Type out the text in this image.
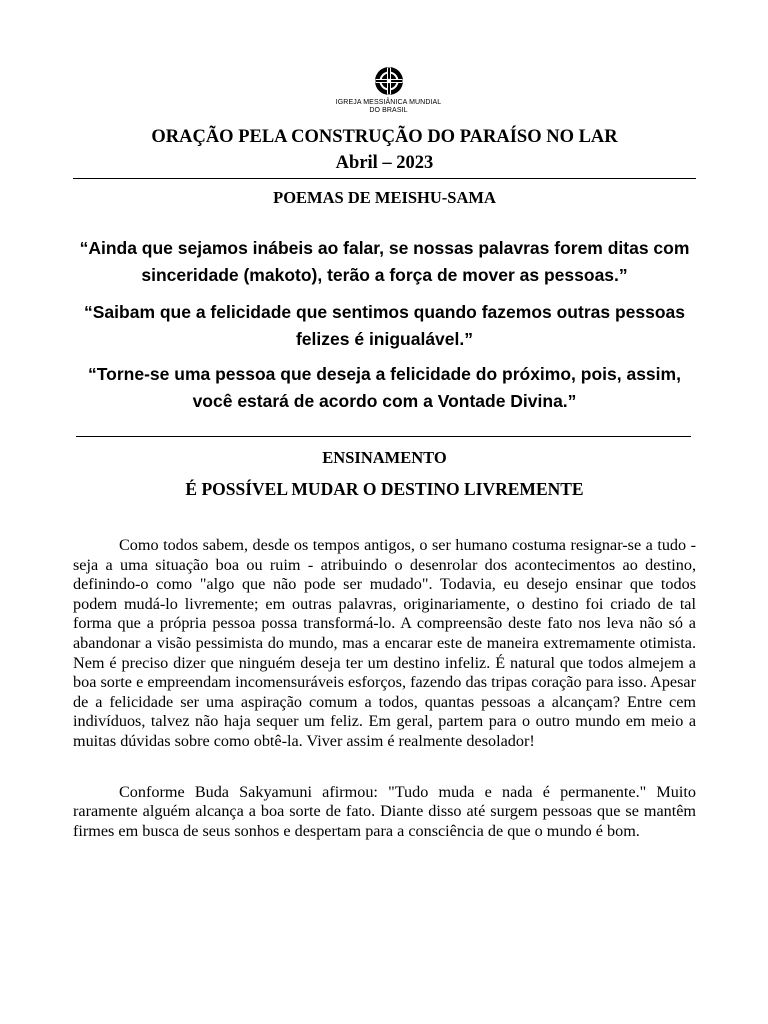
IGREJA MESSIÂNICA MUNDIAL
DO BRASIL
ORAÇÃO PELA CONSTRUÇÃO DO PARAÍSO NO LAR
Abril – 2023
POEMAS DE MEISHU-SAMA
“Ainda que sejamos inábeis ao falar, se nossas palavras forem ditas com sinceridade (makoto), terão a força de mover as pessoas.”
“Saibam que a felicidade que sentimos quando fazemos outras pessoas felizes é inigualável.”
“Torne-se uma pessoa que deseja a felicidade do próximo, pois, assim, você estará de acordo com a Vontade Divina.”
ENSINAMENTO
É POSSÍVEL MUDAR O DESTINO LIVREMENTE

Como todos sabem, desde os tempos antigos, o ser humano costuma resignar-se a tudo - seja a uma situação boa ou ruim - atribuindo o desenrolar dos acontecimentos ao destino, definindo-o como "algo que não pode ser mudado". Todavia, eu desejo ensinar que todos podem mudá-lo livremente; em outras palavras, originariamente, o destino foi criado de tal forma que a própria pessoa possa transformá-lo. A compreensão deste fato nos leva não só a abandonar a visão pessimista do mundo, mas a encarar este de maneira extremamente otimista. Nem é preciso dizer que ninguém deseja ter um destino infeliz. É natural que todos almejem a boa sorte e empreendam incomensuráveis esforços, fazendo das tripas coração para isso. Apesar de a felicidade ser uma aspiração comum a todos, quantas pessoas a alcançam? Entre cem indivíduos, talvez não haja sequer um feliz. Em geral, partem para o outro mundo em meio a muitas dúvidas sobre como obtê-la. Viver assim é realmente desolador!

Conforme Buda Sakyamuni afirmou: "Tudo muda e nada é permanente." Muito raramente alguém alcança a boa sorte de fato. Diante disso até surgem pessoas que se mantêm firmes em busca de seus sonhos e despertam para a consciência de que o mundo é bom.
